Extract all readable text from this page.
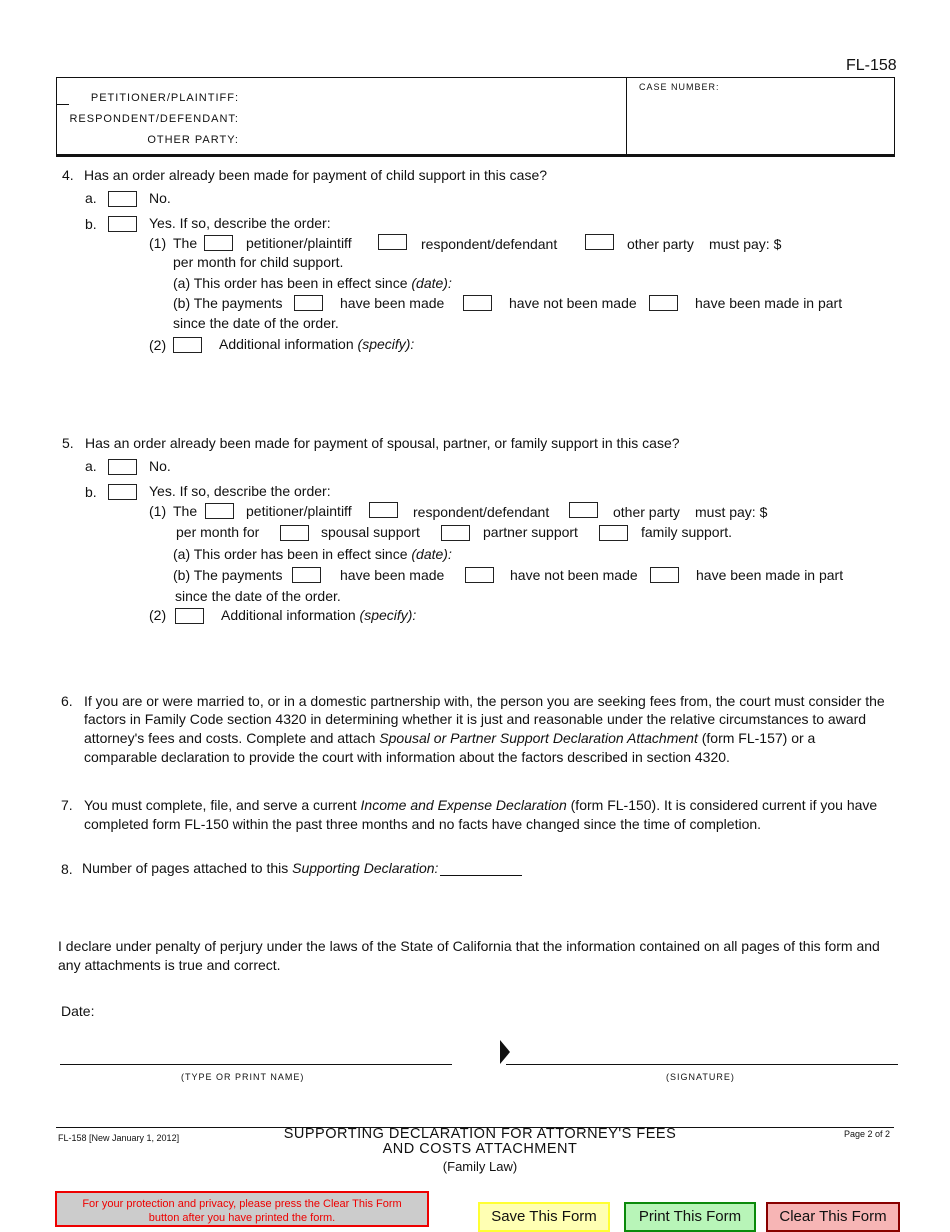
FL-158
PETITIONER/PLAINTIFF:
RESPONDENT/DEFENDANT:
OTHER PARTY:
CASE NUMBER:
4. Has an order already been made for payment of child support in this case?
a.	No.
b.	Yes. If so, describe the order:
(1) The	petitioner/plaintiff	respondent/defendant	other party must pay: $
per month for child support.
(a) This order has been in effect since (date):
(b) The payments	have been made	have not been made	have been made in part
since the date of the order.
(2)	Additional information (specify):
5. Has an order already been made for payment of spousal, partner, or family support in this case?
a.	No.
b.	Yes. If so, describe the order:
(1) The	petitioner/plaintiff	respondent/defendant	other party must pay: $
per month for	spousal support	partner support	family support.
(a) This order has been in effect since (date):
(b) The payments	have been made	have not been made	have been made in part
since the date of the order.
(2)	Additional information (specify):
6. If you are or were married to, or in a domestic partnership with, the person you are seeking fees from, the court must consider the
factors in Family Code section 4320 in determining whether it is just and reasonable under the relative circumstances to award
attorney's fees and costs. Complete and attach Spousal or Partner Support Declaration Attachment (form FL-157) or a
comparable declaration to provide the court with information about the factors described in section 4320.
7. You must complete, file, and serve a current Income and Expense Declaration (form FL-150). It is considered current if you have
completed form FL-150 within the past three months and no facts have changed since the time of completion.
8. Number of pages attached to this Supporting Declaration:
I declare under penalty of perjury under the laws of the State of California that the information contained on all pages of this form and
any attachments is true and correct.
Date:
(TYPE OR PRINT NAME)	(SIGNATURE)
FL-158 [New January 1, 2012]	SUPPORTING DECLARATION FOR ATTORNEY'S FEES
AND COSTS ATTACHMENT
(Family Law)
Page 2 of 2
For your protection and privacy, please press the Clear This Form
button after you have printed the form.	Save This Form	Print This Form	Clear This Form
